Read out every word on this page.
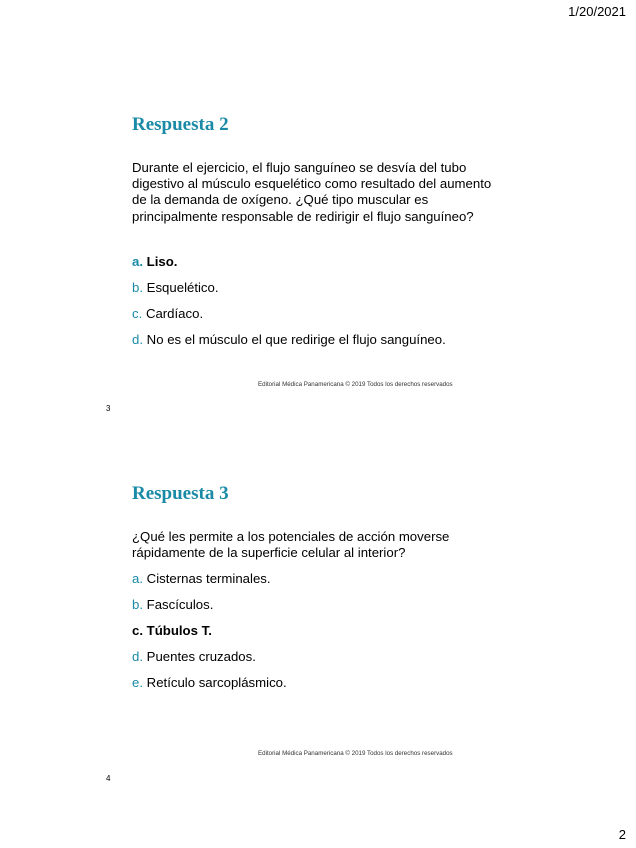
1/20/2021
Respuesta 2
Durante el ejercicio, el flujo sanguíneo se desvía del tubo digestivo al músculo esquelético como resultado del aumento de la demanda de oxígeno. ¿Qué tipo muscular es principalmente responsable de redirigir el flujo sanguíneo?
a. Liso.
b. Esquelético.
c. Cardíaco.
d. No es el músculo el que redirige el flujo sanguíneo.
Editorial Médica Panamericana © 2019 Todos los derechos reservados
3
Respuesta 3
¿Qué les permite a los potenciales de acción moverse rápidamente de la superficie celular al interior?
a. Cisternas terminales.
b. Fascículos.
c. Túbulos T.
d. Puentes cruzados.
e. Retículo sarcoplásmico.
Editorial Médica Panamericana © 2019 Todos los derechos reservados
4
2
